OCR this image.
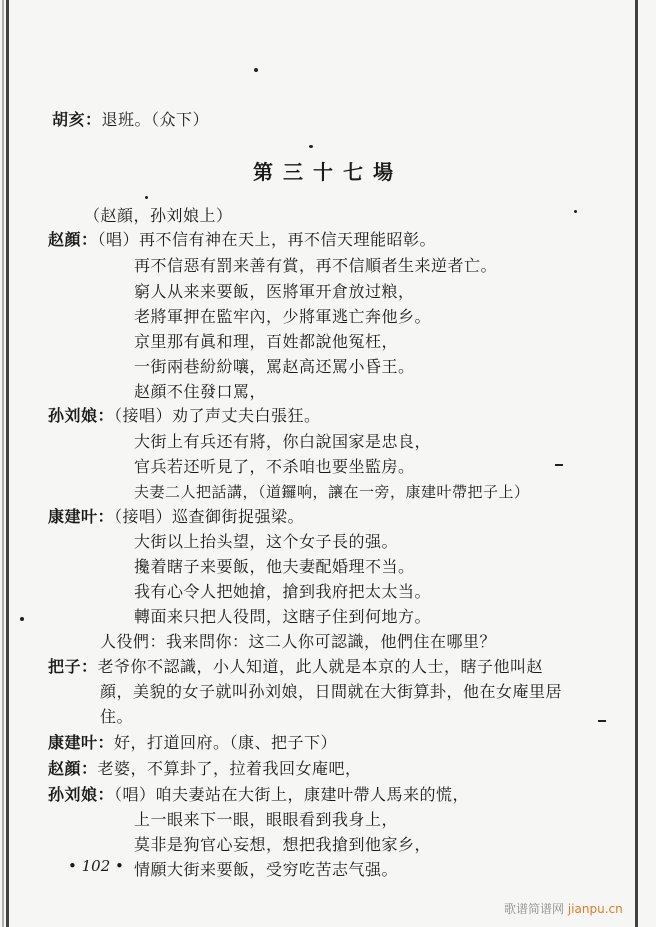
胡亥：退班。（众下）
第三十七場
（赵顔，孙刘娘上）
赵顔：（唱）再不信有神在天上，再不信天理能昭彰。
再不信惡有罰来善有賞，再不信順者生来逆者亡。
窮人从来来要飯，医將軍开倉放过粮，
老將軍押在監牢內，少將軍逃亡奔他乡。
京里那有眞和理，百姓都說他冤枉，
一街兩巷紛紛嚷，罵赵高还罵小昏王。
赵顔不住發口罵，
孙刘娘：（接唱）劝了声丈夫白張狂。
大街上有兵还有將，你白說国家是忠良，
官兵若还听見了，不杀咱也要坐監房。
夫妻二人把話講，（道鑼响，讓在一旁，康建叶帶把子上）
康建叶：（接唱）巡查御街捉强梁。
大街以上抬头望，这个女子長的强。
攙着瞎子来要飯，他夫妻配婚理不当。
我有心令人把她搶，搶到我府把太太当。
轉面来只把人役問，这瞎子住到何地方。
人役們：我来問你：这二人你可認識，他們住在哪里？
把子：老爷你不認識，小人知道，此人就是本京的人士，瞎子他叫赵
顔，美貌的女子就叫孙刘娘，日間就在大街算卦，他在女庵里居
住。
康建叶：好，打道回府。（康、把子下）
赵顔：老婆，不算卦了，拉着我回女庵吧，
孙刘娘：（唱）咱夫妻站在大街上，康建叶帶人馬来的慌，
上一眼来下一眼，眼眼看到我身上，
莫非是狗官心妄想，想把我搶到他家乡，
情願大街来要飯，受穷吃苦志气强。
• 102 •
歌谱简谱网 jianpu.cn
